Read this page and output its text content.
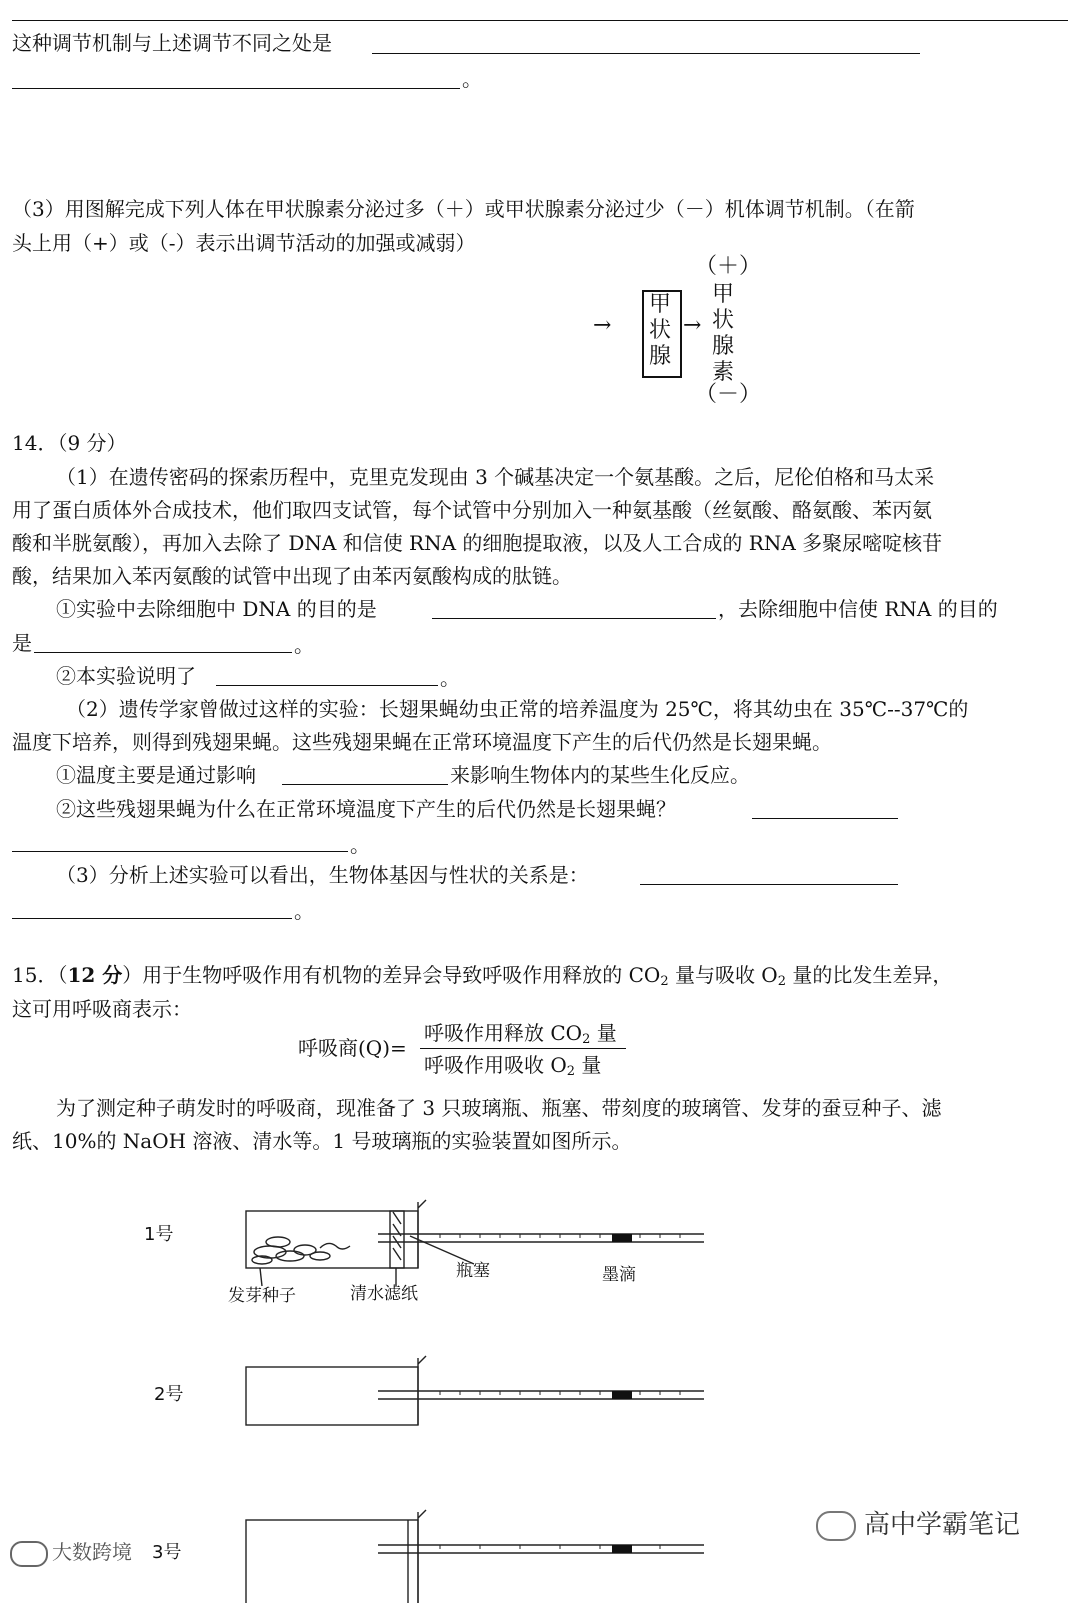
这种调节机制与上述调节不同之处是
。
（3）用图解完成下列人体在甲状腺素分泌过多（＋）或甲状腺素分泌过少（－）机体调节机制。（在箭
头上用（+）或（-）表示出调节活动的加强或减弱）
（＋）
→
甲
状
腺
→
甲
状
腺
素
（－）
14．（9 分）
（1）在遗传密码的探索历程中，克里克发现由 3 个碱基决定一个氨基酸。之后，尼伦伯格和马太采
用了蛋白质体外合成技术，他们取四支试管，每个试管中分别加入一种氨基酸（丝氨酸、酪氨酸、苯丙氨
酸和半胱氨酸），再加入去除了 DNA 和信使 RNA 的细胞提取液，以及人工合成的 RNA 多聚尿嘧啶核苷
酸，结果加入苯丙氨酸的试管中出现了由苯丙氨酸构成的肽链。
①实验中去除细胞中 DNA 的目的是	，去除细胞中信使 RNA 的目的
是	。
②本实验说明了	。
（2）遗传学家曾做过这样的实验：长翅果蝇幼虫正常的培养温度为 25℃，将其幼虫在 35℃--37℃的
温度下培养，则得到残翅果蝇。这些残翅果蝇在正常环境温度下产生的后代仍然是长翅果蝇。
①温度主要是通过影响	来影响生物体内的某些生化反应。
②这些残翅果蝇为什么在正常环境温度下产生的后代仍然是长翅果蝇？
。
（3）分析上述实验可以看出，生物体基因与性状的关系是：
。
15．（12 分）用于生物呼吸作用有机物的差异会导致呼吸作用释放的 $CO_2$ 量与吸收 $O_2$ 量的比发生差异，
这可用呼吸商表示：
呼吸商(Q)=
呼吸作用释放 $CO_2$ 量
呼吸作用吸收 $O_2$ 量
为了测定种子萌发时的呼吸商，现准备了 3 只玻璃瓶、瓶塞、带刻度的玻璃管、发芽的蚕豆种子、滤
纸、10%的 NaOH 溶液、清水等。1 号玻璃瓶的实验装置如图所示。
1号
2号
3号
发芽种子	清水滤纸
瓶塞	墨滴
大数跨境
高中学霸笔记
